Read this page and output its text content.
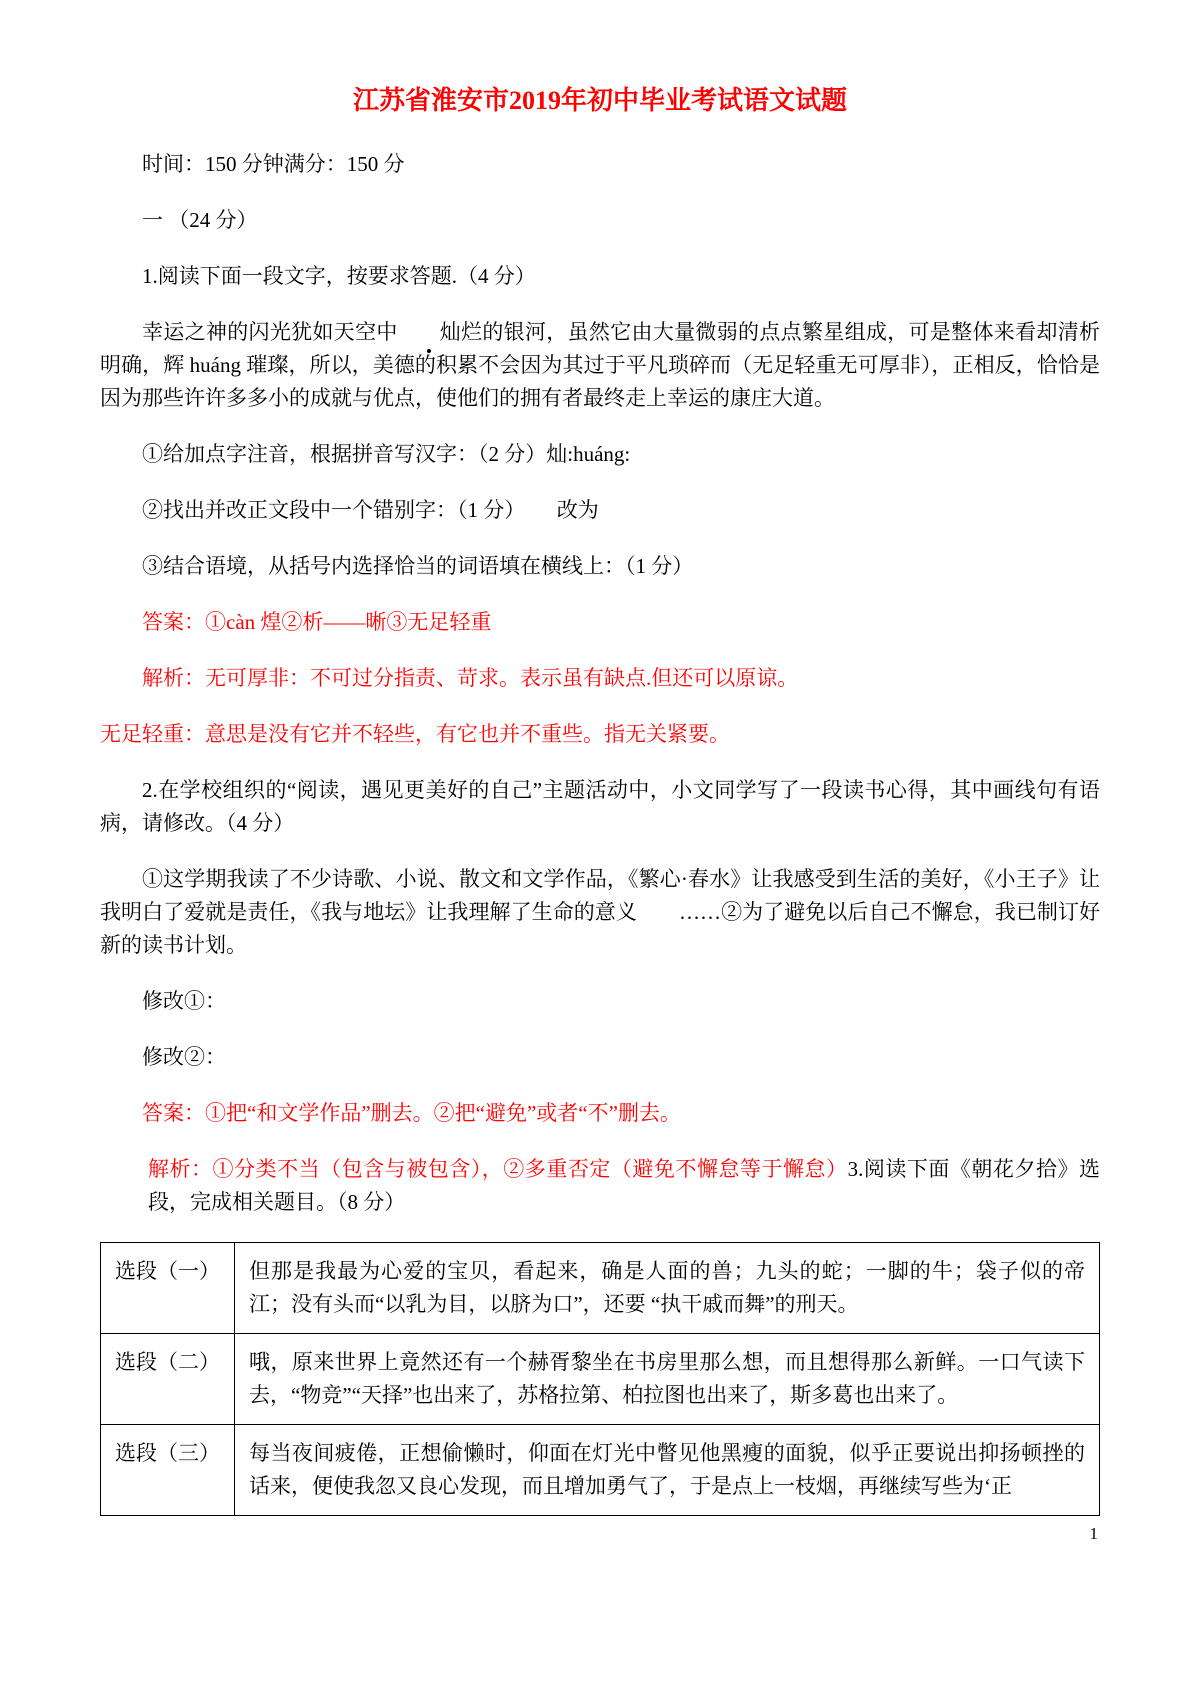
江苏省淮安市2019年初中毕业考试语文试题

时间：150 分钟满分：150 分

一 （24 分）

1.阅读下面一段文字，按要求答题.（4 分）

幸运之神的闪光犹如天空中 灿烂的银河，虽然它由大量微弱的点点繁星组成，可是整体来看却清析明确，辉 huáng 璀璨，所以，美德的积累不会因为其过于平凡琐碎而（无足轻重无可厚非），正相反，恰恰是因为那些许许多多小的成就与优点，使他们的拥有者最终走上幸运的康庄大道。

①给加点字注音，根据拼音写汉字：（2 分）灿:huáng:

②找出并改正文段中一个错别字：（1 分）　　改为

③结合语境，从括号内选择恰当的词语填在横线上：（1 分）

答案：①càn 煌②析——晰③无足轻重

解析：无可厚非：不可过分指责、苛求。表示虽有缺点.但还可以原谅。

无足轻重：意思是没有它并不轻些，有它也并不重些。指无关紧要。

2.在学校组织的“阅读，遇见更美好的自己”主题活动中，小文同学写了一段读书心得，其中画线句有语病，请修改。（4 分）

①这学期我读了不少诗歌、小说、散文和文学作品，《繁心·春水》让我感受到生活的美好，《小王子》让我明白了爱就是责任，《我与地坛》让我理解了生命的意义　　……②为了避免以后自己不懈怠，我已制订好新的读书计划。

修改①：

修改②：

答案：①把“和文学作品”删去。②把“避免”或者“不”删去。

解析：①分类不当（包含与被包含），②多重否定（避免不懈怠等于懈怠）3.阅读下面《朝花夕拾》选段，完成相关题目。（8 分）

选段（一）	但那是我最为心爱的宝贝，看起来，确是人面的兽；九头的蛇；一脚的牛；袋子似的帝江；没有头而“以乳为目，以脐为口”，还要 “执干戚而舞”的刑天。
选段（二）	哦，原来世界上竟然还有一个赫胥黎坐在书房里那么想，而且想得那么新鲜。一口气读下去，“物竞”“天择”也出来了，苏格拉第、柏拉图也出来了，斯多葛也出来了。
选段（三）	每当夜间疲倦，正想偷懒时，仰面在灯光中瞥见他黑瘦的面貌，似乎正要说出抑扬顿挫的话来，便使我忽又良心发现，而且增加勇气了，于是点上一枝烟，再继续写些为‘正
1
